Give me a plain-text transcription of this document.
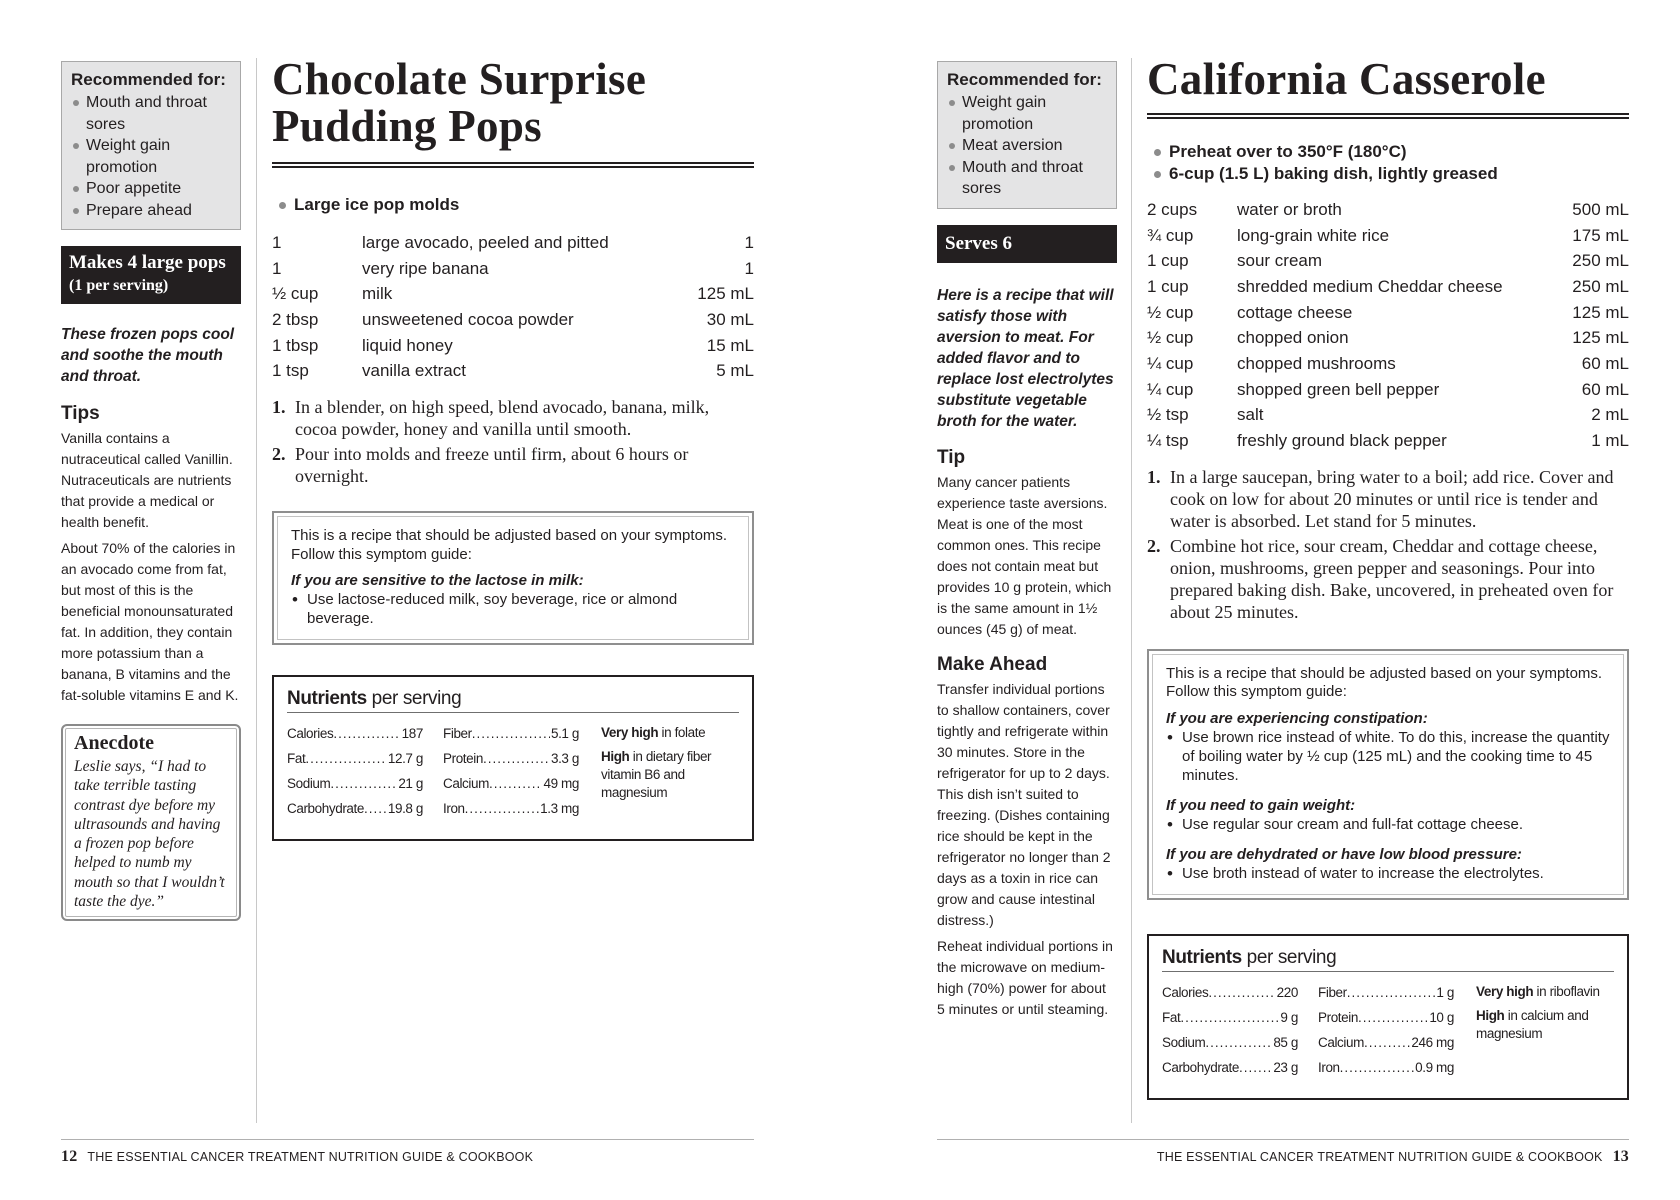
Recommended for:
Mouth and throat sores
Weight gain promotion
Poor appetite
Prepare ahead
Makes 4 large pops
(1 per serving)
These frozen pops cool and soothe the mouth and throat.
Tips

Vanilla contains a nutraceutical called Vanillin. Nutraceuticals are nutrients that provide a medical or health benefit.

About 70% of the calories in an avocado come from fat, but most of this is the beneficial monounsaturated fat. In addition, they contain more potassium than a banana, B vitamins and the fat-soluble vitamins E and K.

Anecdote
Leslie says, “I had to take terrible tasting contrast dye before my ultrasounds and having a frozen pop before helped to numb my mouth so that I wouldn’t taste the dye.”
Chocolate Surprise Pudding Pops
Large ice pop molds
1	large avocado, peeled and pitted	1
1	very ripe banana	1
½ cup	milk	125 mL
2 tbsp	unsweetened cocoa powder	30 mL
1 tbsp	liquid honey	15 mL
1 tsp	vanilla extract	5 mL
1. In a blender, on high speed, blend avocado, banana, milk, cocoa powder, honey and vanilla until smooth.
2. Pour into molds and freeze until firm, about 6 hours or overnight.
This is a recipe that should be adjusted based on your symptoms. Follow this symptom guide:
If you are sensitive to the lactose in milk:
• Use lactose-reduced milk, soy beverage, rice or almond beverage.
Nutrients per serving
Calories .....	187
Fat .....	12.7 g
Sodium .....	21 g
Carbohydrate ..... 19.8 g
Fiber .....	5.1 g
Protein .....	3.3 g
Calcium .....	49 mg
Iron .....	1.3 mg
Very high in folate
High in dietary fiber vitamin B6 and magnesium
12 THE ESSENTIAL CANCER TREATMENT NUTRITION GUIDE & COOKBOOK
Recommended for:
Weight gain promotion
Meat aversion
Mouth and throat sores
Serves 6
Here is a recipe that will satisfy those with aversion to meat. For added flavor and to replace lost electrolytes substitute vegetable broth for the water.
Tip

Many cancer patients experience taste aversions. Meat is one of the most common ones. This recipe does not contain meat but provides 10 g protein, which is the same amount in 1½ ounces (45 g) of meat.

Make Ahead

Transfer individual portions to shallow containers, cover tightly and refrigerate within 30 minutes. Store in the refrigerator for up to 2 days. This dish isn’t suited to freezing. (Dishes containing rice should be kept in the refrigerator no longer than 2 days as a toxin in rice can grow and cause intestinal distress.)

Reheat individual portions in the microwave on medium-high (70%) power for about 5 minutes or until steaming.

California Casserole
Preheat over to 350°F (180°C)
6-cup (1.5 L) baking dish, lightly greased
2 cups	water or broth	500 mL
¾ cup	long-grain white rice	175 mL
1 cup	sour cream	250 mL
1 cup	shredded medium Cheddar cheese	250 mL
½ cup	cottage cheese	125 mL
½ cup	chopped onion	125 mL
¼ cup	chopped mushrooms	60 mL
¼ cup	shopped green bell pepper	60 mL
½ tsp	salt	2 mL
¼ tsp	freshly ground black pepper	1 mL
1. In a large saucepan, bring water to a boil; add rice. Cover and cook on low for about 20 minutes or until rice is tender and water is absorbed. Let stand for 5 minutes.
2. Combine hot rice, sour cream, Cheddar and cottage cheese, onion, mushrooms, green pepper and seasonings. Pour into prepared baking dish. Bake, uncovered, in preheated oven for about 25 minutes.
This is a recipe that should be adjusted based on your symptoms. Follow this symptom guide:
If you are experiencing constipation:
• Use brown rice instead of white. To do this, increase the quantity of boiling water by ½ cup (125 mL) and the cooking time to 45 minutes.
If you need to gain weight:
• Use regular sour cream and full-fat cottage cheese.
If you are dehydrated or have low blood pressure:
• Use broth instead of water to increase the electrolytes.
Nutrients per serving
Calories .....	220
Fat .....	9 g
Sodium .....	85 g
Carbohydrate .....	23 g
Fiber .....	1 g
Protein .....	10 g
Calcium .....	246 mg
Iron .....	0.9 mg
Very high in riboflavin
High in calcium and magnesium
THE ESSENTIAL CANCER TREATMENT NUTRITION GUIDE & COOKBOOK 13
